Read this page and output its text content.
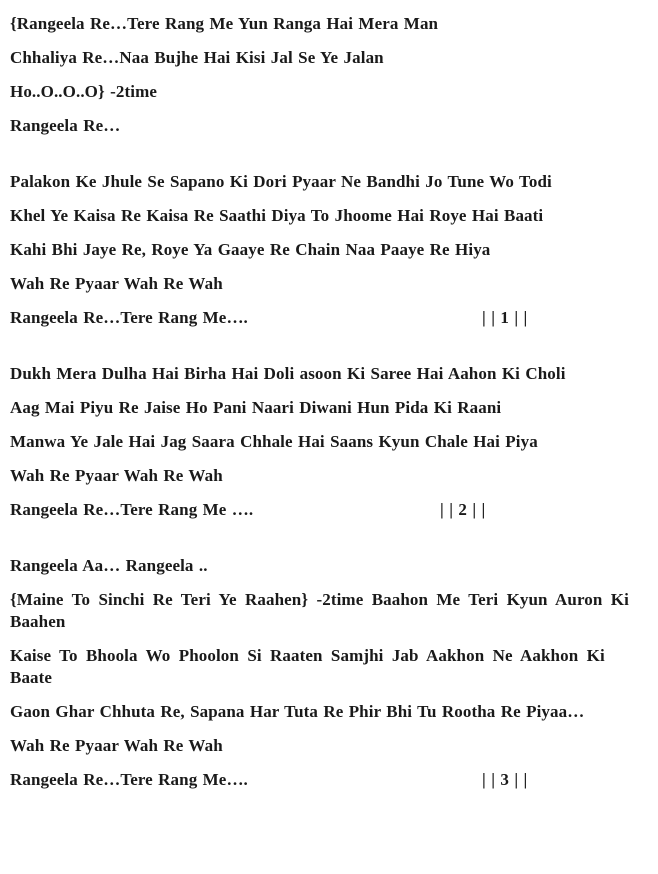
{Rangeela Re…Tere Rang Me Yun Ranga Hai Mera Man
Chhaliya Re…Naa Bujhe Hai Kisi Jal Se Ye Jalan
Ho..O..O..O} -2time
Rangeela Re…
Palakon Ke Jhule Se Sapano Ki Dori Pyaar Ne Bandhi Jo Tune Wo Todi
Khel Ye Kaisa Re Kaisa Re Saathi Diya To Jhoome Hai Roye Hai Baati
Kahi Bhi Jaye Re, Roye Ya Gaaye Re Chain Naa Paaye Re Hiya
Wah Re Pyaar Wah Re Wah
Rangeela Re…Tere Rang Me….	| | 1 | |
Dukh Mera Dulha Hai Birha Hai Doli asoon Ki Saree Hai Aahon Ki Choli
Aag Mai Piyu Re Jaise Ho Pani Naari Diwani Hun Pida Ki Raani
Manwa Ye Jale Hai Jag Saara Chhale Hai Saans Kyun Chale Hai Piya
Wah Re Pyaar Wah Re Wah
Rangeela Re…Tere Rang Me ….	| | 2 | |
Rangeela Aa… Rangeela ..
{Maine To Sinchi Re Teri Ye Raahen} -2time Baahon Me Teri Kyun Auron Ki Baahen
Kaise To Bhoola Wo Phoolon Si Raaten Samjhi Jab Aakhon Ne Aakhon Ki Baate
Gaon Ghar Chhuta Re, Sapana Har Tuta Re Phir Bhi Tu Rootha Re Piyaa…
Wah Re Pyaar Wah Re Wah
Rangeela Re…Tere Rang Me….	| | 3 | |
